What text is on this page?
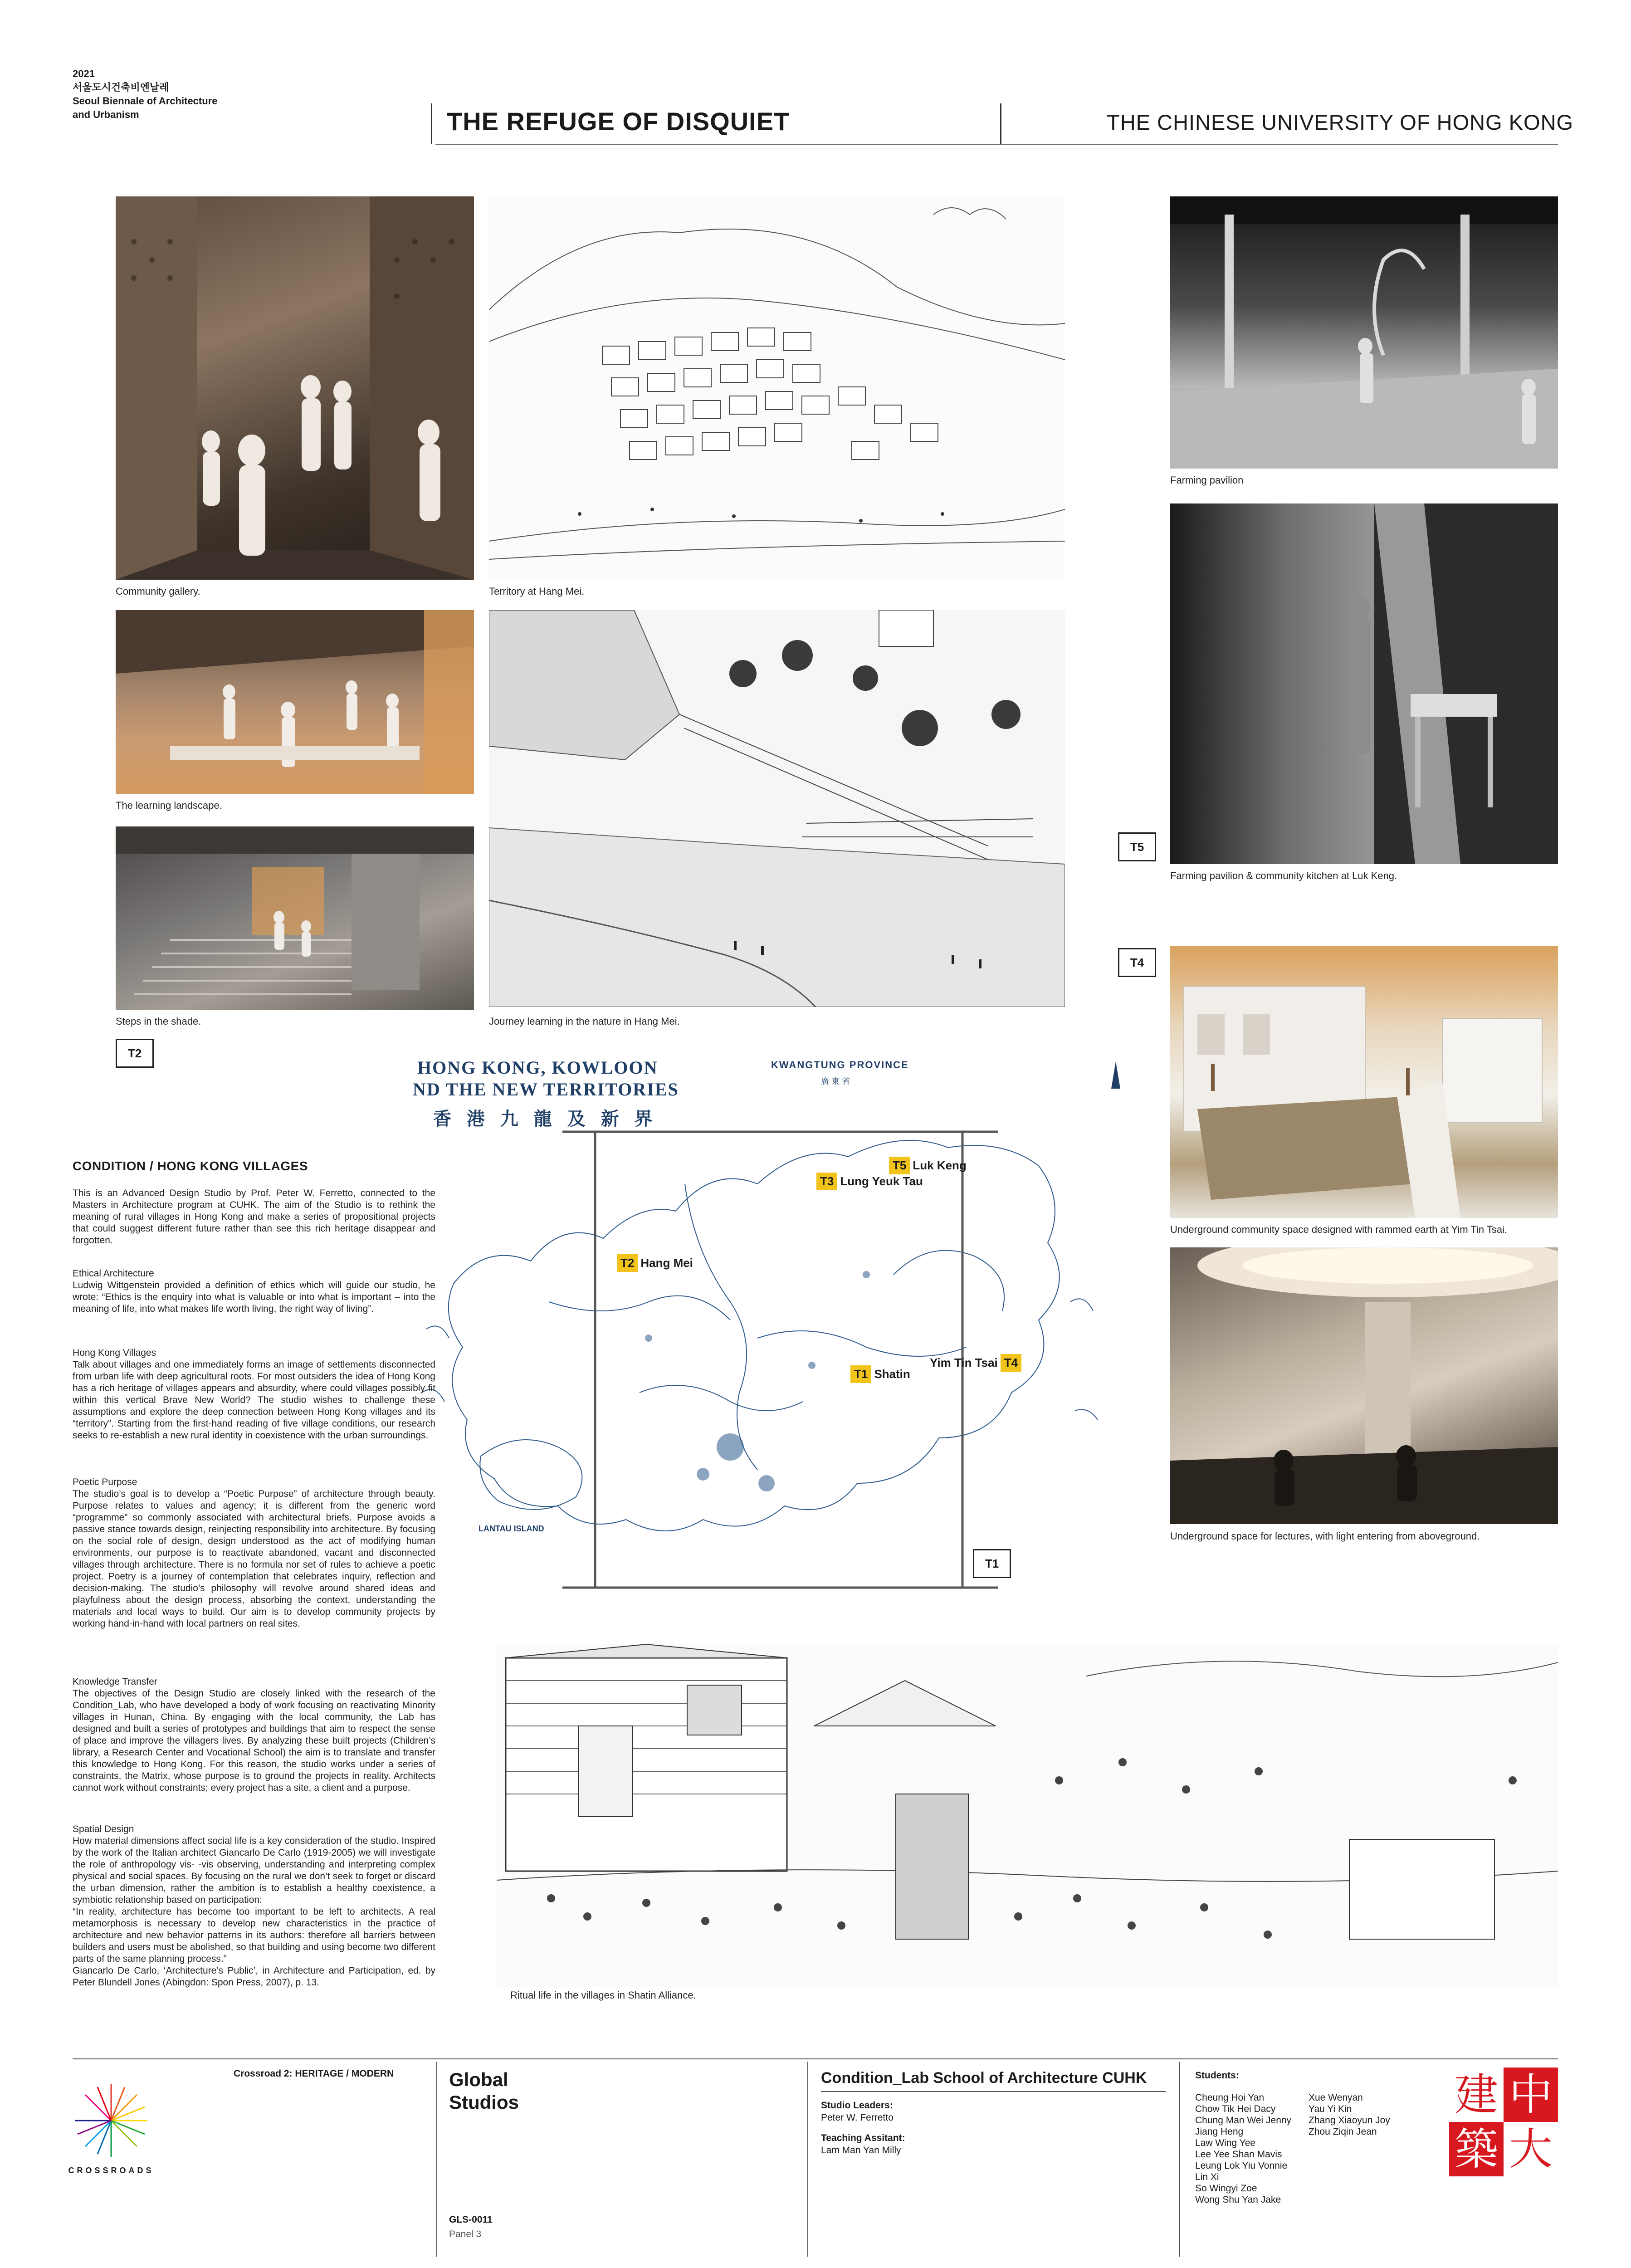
2021
서울도시건축비엔날레
Seoul Biennale of Architecture
and Urbanism	THE REFUGE OF DISQUIET	THE CHINESE UNIVERSITY OF HONG KONG
Community gallery.
The learning landscape.
Steps in the shade.
T2
Territory at Hang Mei.
Journey learning in the nature in Hang Mei.
Farming pavilion
T5
Farming pavilion & community kitchen at Luk Keng.
T4
Underground community space designed with rammed earth at Yim Tin Tsai.
Underground space for lectures, with light entering from aboveground.
HONG KONG, KOWLOON
ND THE NEW TERRITORIES
香 港 九 龍 及 新 界
KWANGTUNG PROVINCE
廣 東 省
LANTAU ISLAND
T5 Luk Keng
T3 Lung Yeuk Tau
T2 Hang Mei
Yim Tin Tsai T4
T1 Shatin
T1
Ritual life in the villages in Shatin Alliance.
CONDITION / HONG KONG VILLAGES
This is an Advanced Design Studio by Prof. Peter W. Ferretto, connected to the Masters in Architecture program at CUHK. The aim of the Studio is to rethink the meaning of rural villages in Hong Kong and make a series of propositional projects that could suggest different future rather than see this rich heritage disappear and forgotten.
Ethical Architecture
Ludwig Wittgenstein provided a definition of ethics which will guide our studio, he wrote: “Ethics is the enquiry into what is valuable or into what is important – into the meaning of life, into what makes life worth living, the right way of living”.
Hong Kong Villages
Talk about villages and one immediately forms an image of settlements disconnected from urban life with deep agricultural roots. For most outsiders the idea of Hong Kong has a rich heritage of villages appears and absurdity, where could villages possibly fit within this vertical Brave New World? The studio wishes to challenge these assumptions and explore the deep connection between Hong Kong villages and its “territory”. Starting from the first-hand reading of five village conditions, our research seeks to re-establish a new rural identity in coexistence with the urban surroundings.
Poetic Purpose
The studio’s goal is to develop a “Poetic Purpose” of architecture through beauty. Purpose relates to values and agency; it is different from the generic word “programme” so commonly associated with architectural briefs. Purpose avoids a passive stance towards design, reinjecting responsibility into architecture. By focusing on the social role of design, design understood as the act of modifying human environments, our purpose is to reactivate abandoned, vacant and disconnected villages through architecture. There is no formula nor set of rules to achieve a poetic project. Poetry is a journey of contemplation that celebrates inquiry, reflection and decision-making. The studio’s philosophy will revolve around shared ideas and playfulness about the design process, absorbing the context, understanding the materials and local ways to build. Our aim is to develop community projects by working hand-in-hand with local partners on real sites.
Knowledge Transfer
The objectives of the Design Studio are closely linked with the research of the Condition_Lab, who have developed a body of work focusing on reactivating Minority villages in Hunan, China. By engaging with the local community, the Lab has designed and built a series of prototypes and buildings that aim to respect the sense of place and improve the villagers lives. By analyzing these built projects (Children’s library, a Research Center and Vocational School) the aim is to translate and transfer this knowledge to Hong Kong. For this reason, the studio works under a series of constraints, the Matrix, whose purpose is to ground the projects in reality. Architects cannot work without constraints; every project has a site, a client and a purpose.
Spatial Design
How material dimensions affect social life is a key consideration of the studio. Inspired by the work of the Italian architect Giancarlo De Carlo (1919-2005) we will investigate the role of anthropology vis- -vis observing, understanding and interpreting complex physical and social spaces. By focusing on the rural we don’t seek to forget or discard the urban dimension, rather the ambition is to establish a healthy coexistence, a symbiotic relationship based on participation:
“In reality, architecture has become too important to be left to architects. A real metamorphosis is necessary to develop new characteristics in the practice of architecture and new behavior patterns in its authors: therefore all barriers between builders and users must be abolished, so that building and using become two different parts of the same planning process.”
Giancarlo De Carlo, ‘Architecture’s Public’, in Architecture and Participation, ed. by Peter Blundell Jones (Abingdon: Spon Press, 2007), p. 13.
CROSSROADS
Crossroad 2: HERITAGE / MODERN	Global
Studios
GLS-0011
Panel 3
Condition_Lab School of Architecture CUHK
Studio Leaders:
Peter W. Ferretto
Teaching Assitant:
Lam Man Yan Milly
Students:
Cheung Hoi Yan
Chow Tik Hei Dacy
Chung Man Wei Jenny
Jiang Heng
Law Wing Yee
Lee Yee Shan Mavis
Leung Lok Yiu Vonnie
Lin Xi
So Wingyi Zoe
Wong Shu Yan Jake
Xue Wenyan
Yau Yi Kin
Zhang Xiaoyun Joy
Zhou Ziqin Jean
中
建
大
築
